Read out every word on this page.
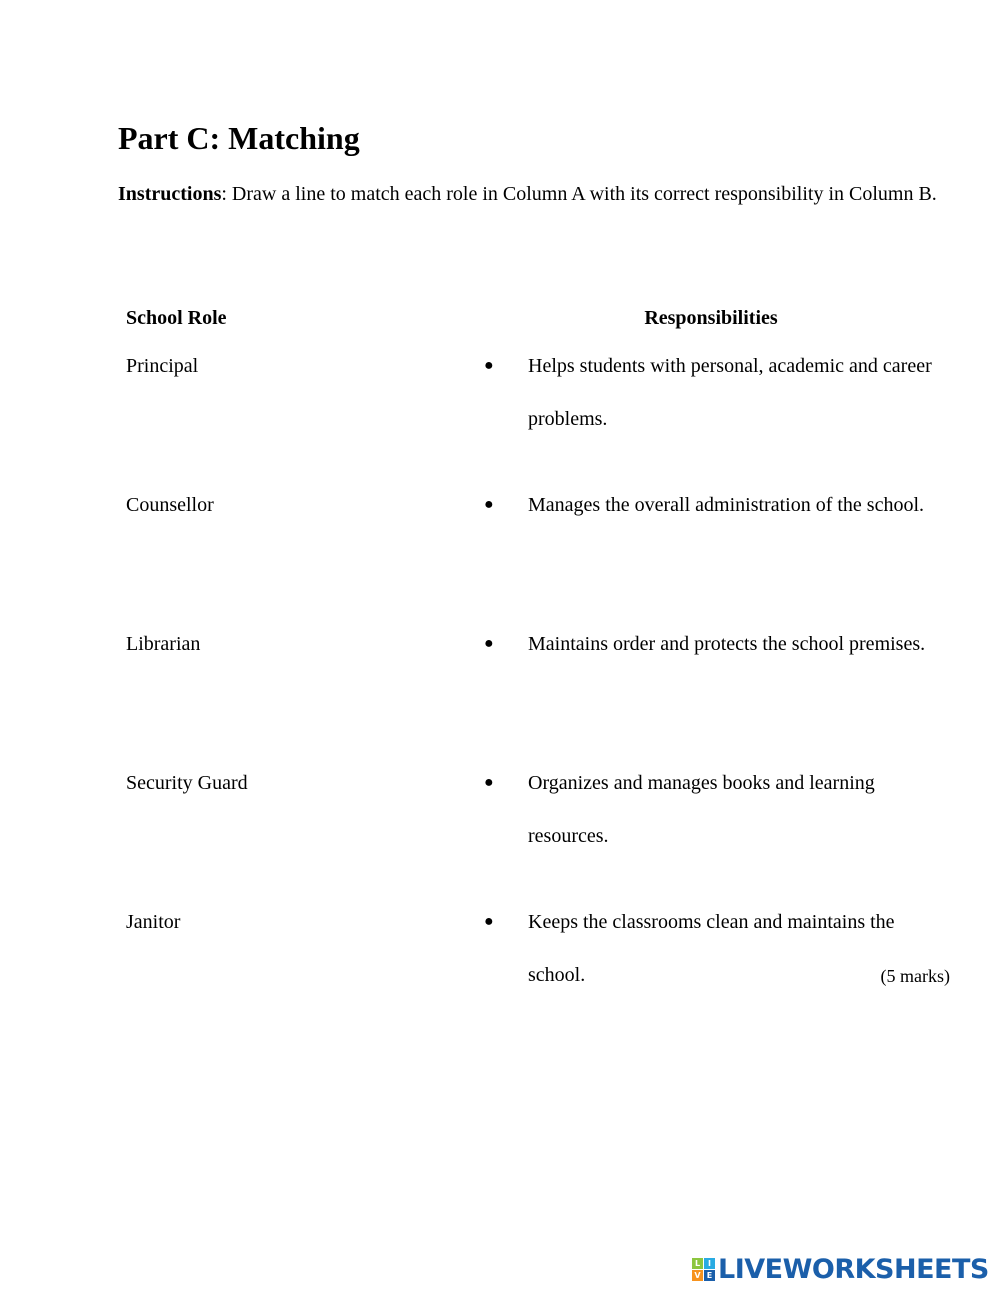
Part C: Matching

Instructions: Draw a line to match each role in Column A with its correct responsibility in Column B.

School Role	Responsibilities
Principal	● Helps students with personal, academic and career problems.
Counsellor	● Manages the overall administration of the school.
Librarian	● Maintains order and protects the school premises.
Security Guard	● Organizes and manages books and learning resources.
Janitor	● Keeps the classrooms clean and maintains the school.	(5 marks)
L I
V E LIVEWORKSHEETS
